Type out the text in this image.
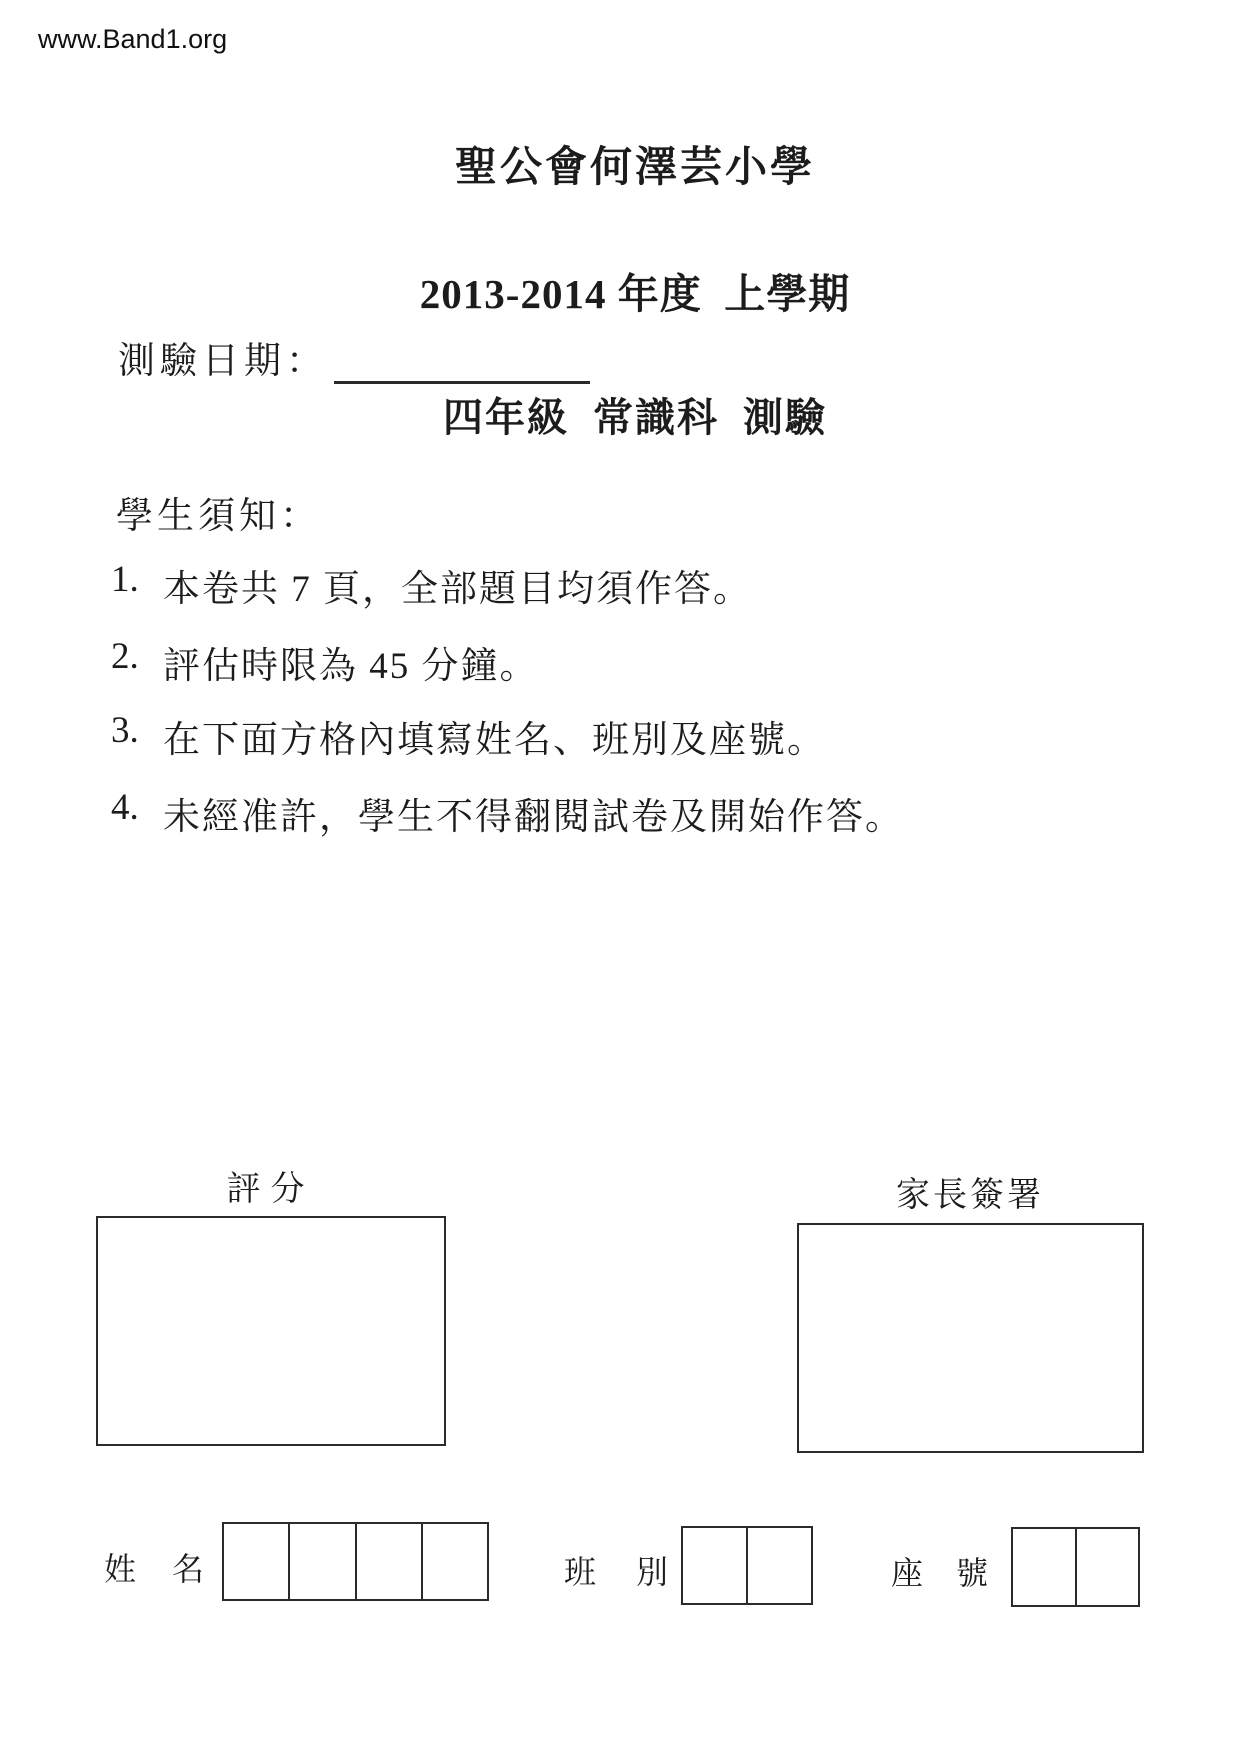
www.Band1.org

聖公會何澤芸小學

2013-2014 年度  上學期

四年級  常識科  測驗

測驗日期：
學生須知：
1. 本卷共 7 頁，全部題目均須作答。
2. 評估時限為 45 分鐘。
3. 在下面方格內填寫姓名、班別及座號。
4. 未經准許，學生不得翻閱試卷及開始作答。
評分	家長簽署
姓 名	班 別	座 號
